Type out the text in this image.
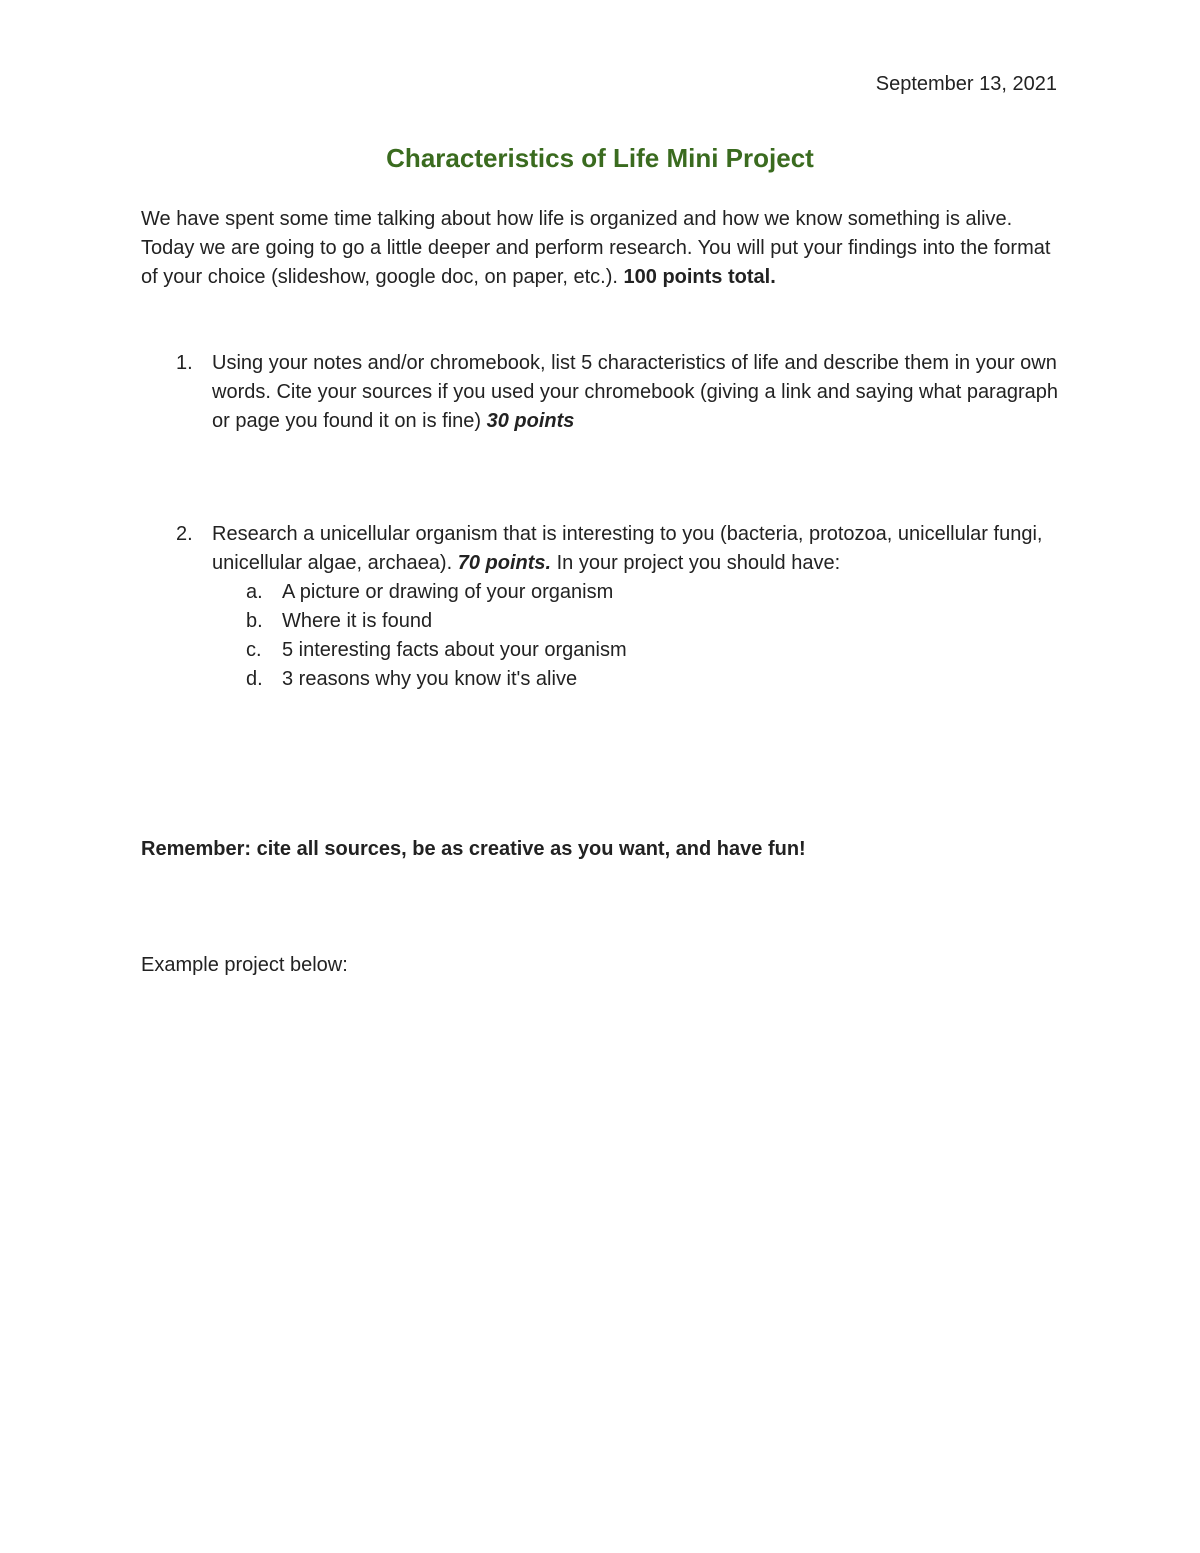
September 13, 2021
Characteristics of Life Mini Project

We have spent some time talking about how life is organized and how we know something is alive. Today we are going to go a little deeper and perform research. You will put your findings into the format of your choice (slideshow, google doc, on paper, etc.). 100 points total.

1. Using your notes and/or chromebook, list 5 characteristics of life and describe them in your own words. Cite your sources if you used your chromebook (giving a link and saying what paragraph or page you found it on is fine) 30 points
2. Research a unicellular organism that is interesting to you (bacteria, protozoa, unicellular fungi, unicellular algae, archaea). 70 points. In your project you should have:
a. A picture or drawing of your organism
b. Where it is found
c. 5 interesting facts about your organism
d. 3 reasons why you know it's alive
Remember: cite all sources, be as creative as you want, and have fun!
Example project below:
